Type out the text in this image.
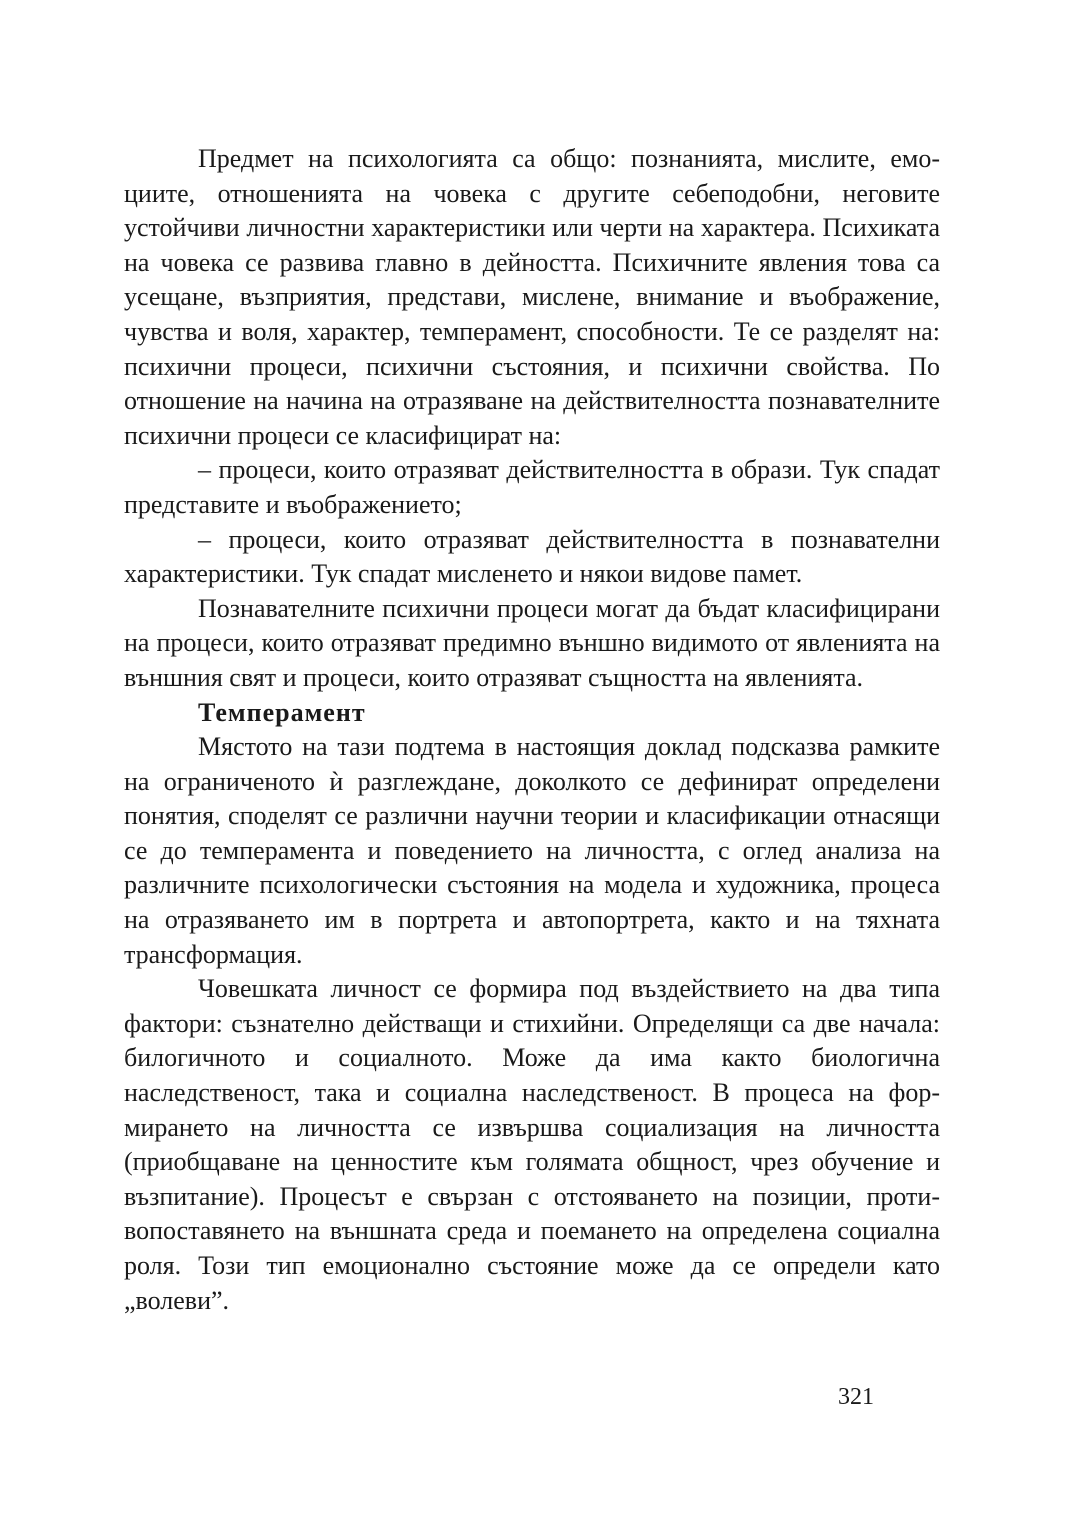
Предмет на психологията са общо: познанията, мислите, емоциите, отношенията на човека с другите себеподобни, неговите устойчиви личностни характеристики или черти на характера. Психиката на човека се развива главно в дейността. Психичните явления това са усещане, възприятия, представи, мислене, внимание и въображение, чувства и воля, характер, темперамент, способности. Те се разделят на: психични процеси, психични състояния, и психични свойства. По отношение на начина на отразяване на действителността познавателните психични процеси се класифицират на:

– процеси, които отразяват действителността в образи. Тук спадат представите и въображението;

– процеси, които отразяват действителността в познавателни характеристики. Тук спадат мисленето и някои видове памет.

Познавателните психични процеси могат да бъдат класифицирани на процеси, които отразяват предимно външно видимото от явленията на външния свят и процеси, които отразяват същността на явленията.

Темперамент

Мястото на тази подтема в настоящия доклад подсказва рамките на ограниченото ѝ разглеждане, доколкото се дефинират определени понятия, споделят се различни научни теории и класификации отнасящи се до темперамента и поведението на личността, с оглед анализа на различните психологически състояния на модела и художника, процеса на отразяването им в портрета и автопортрета, както и на тяхната трансформация.

Човешката личност се формира под въздействието на два типа фактори: съзнателно действащи и стихийни. Определящи са две начала: билогичното и социалното. Може да има както биологична наследственост, така и социална наследственост. В процеса на формирането на личността се извършва социализация на личността (приобщаване на ценностите към голямата общност, чрез обучение и възпитание). Процесът е свързан с отстояването на позиции, противопоставянето на външната среда и поемането на определена социална роля. Този тип емоционално състояние може да се определи като „волеви”.

321
